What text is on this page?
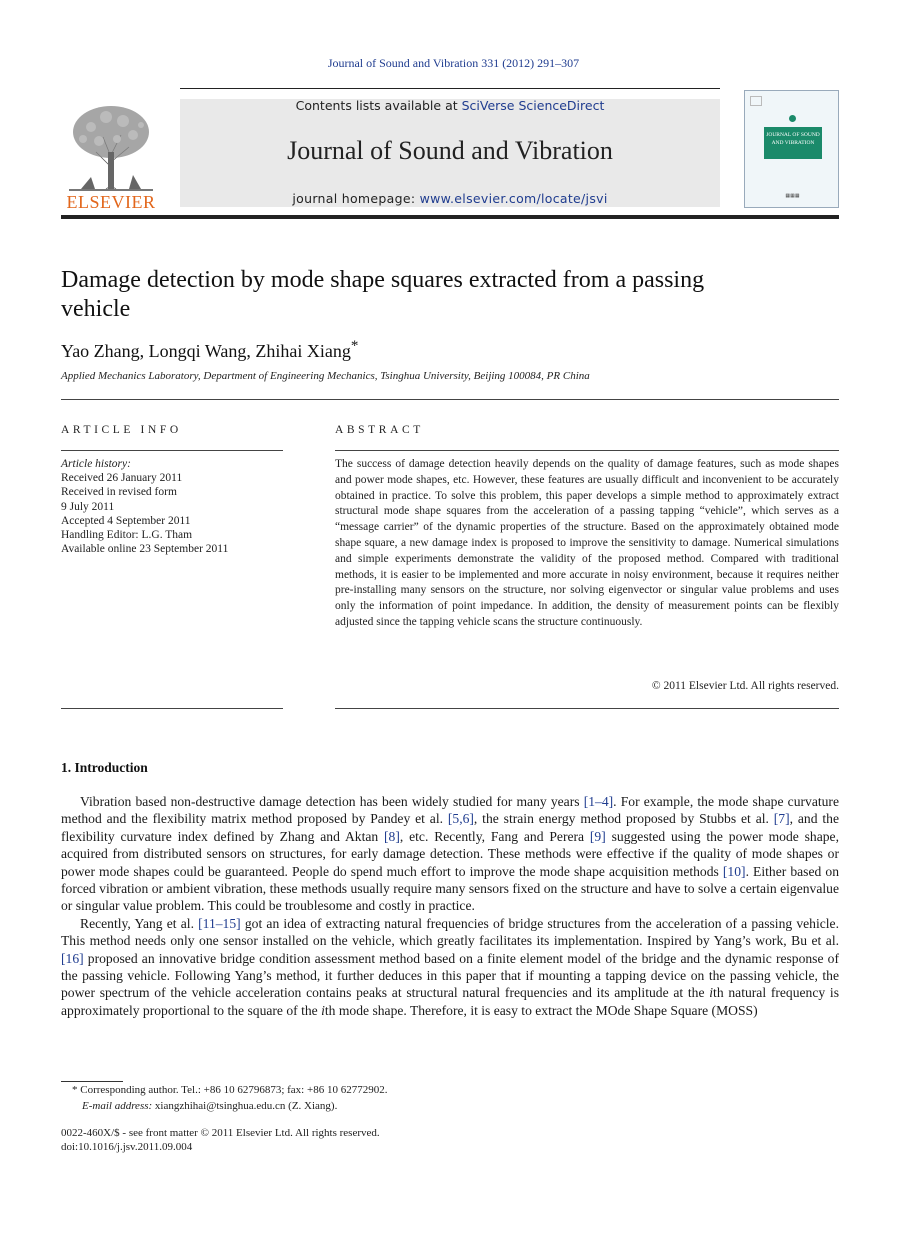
Journal of Sound and Vibration 331 (2012) 291–307
ELSEVIER
Contents lists available at SciVerse ScienceDirect
Journal of Sound and Vibration
journal homepage: www.elsevier.com/locate/jsvi
JOURNAL OF SOUND AND VIBRATION
▦▦▦
Damage detection by mode shape squares extracted from a passing vehicle
Yao Zhang, Longqi Wang, Zhihai Xiang*
Applied Mechanics Laboratory, Department of Engineering Mechanics, Tsinghua University, Beijing 100084, PR China
ARTICLE INFO	ABSTRACT
Article history:
Received 26 January 2011
Received in revised form
9 July 2011
Accepted 4 September 2011
Handling Editor: L.G. Tham
Available online 23 September 2011
The success of damage detection heavily depends on the quality of damage features, such as mode shapes and power mode shapes, etc. However, these features are usually difficult and inconvenient to be accurately obtained in practice. To solve this problem, this paper develops a simple method to approximately extract structural mode shape squares from the acceleration of a passing tapping “vehicle”, which serves as a “message carrier” of the dynamic properties of the structure. Based on the approximately obtained mode shape square, a new damage index is proposed to improve the sensitivity to damage. Numerical simulations and simple experiments demonstrate the validity of the proposed method. Compared with traditional methods, it is easier to be implemented and more accurate in noisy environment, because it requires neither pre-installing many sensors on the structure, nor solving eigenvector or singular value problems and uses only the information of point impedance. In addition, the density of measurement points can be flexibly adjusted since the tapping vehicle scans the structure continuously.
© 2011 Elsevier Ltd. All rights reserved.
1. Introduction

Vibration based non-destructive damage detection has been widely studied for many years [1–4]. For example, the mode shape curvature method and the flexibility matrix method proposed by Pandey et al. [5,6], the strain energy method proposed by Stubbs et al. [7], and the flexibility curvature index defined by Zhang and Aktan [8], etc. Recently, Fang and Perera [9] suggested using the power mode shape, acquired from distributed sensors on structures, for early damage detection. These methods were effective if the quality of mode shapes or power mode shapes could be guaranteed. People do spend much effort to improve the mode shape acquisition methods [10]. Either based on forced vibration or ambient vibration, these methods usually require many sensors fixed on the structure and have to solve a certain eigenvalue or singular value problem. This could be troublesome and costly in practice.

Recently, Yang et al. [11–15] got an idea of extracting natural frequencies of bridge structures from the acceleration of a passing vehicle. This method needs only one sensor installed on the vehicle, which greatly facilitates its implementation. Inspired by Yang’s work, Bu et al. [16] proposed an innovative bridge condition assessment method based on a finite element model of the bridge and the dynamic response of the passing vehicle. Following Yang’s method, it further deduces in this paper that if mounting a tapping device on the passing vehicle, the power spectrum of the vehicle acceleration contains peaks at structural natural frequencies and its amplitude at the ith natural frequency is approximately proportional to the square of the ith mode shape. Therefore, it is easy to extract the MOde Shape Square (MOSS)

* Corresponding author. Tel.: +86 10 62796873; fax: +86 10 62772902.
E-mail address: xiangzhihai@tsinghua.edu.cn (Z. Xiang).
0022-460X/$ - see front matter © 2011 Elsevier Ltd. All rights reserved.
doi:10.1016/j.jsv.2011.09.004
